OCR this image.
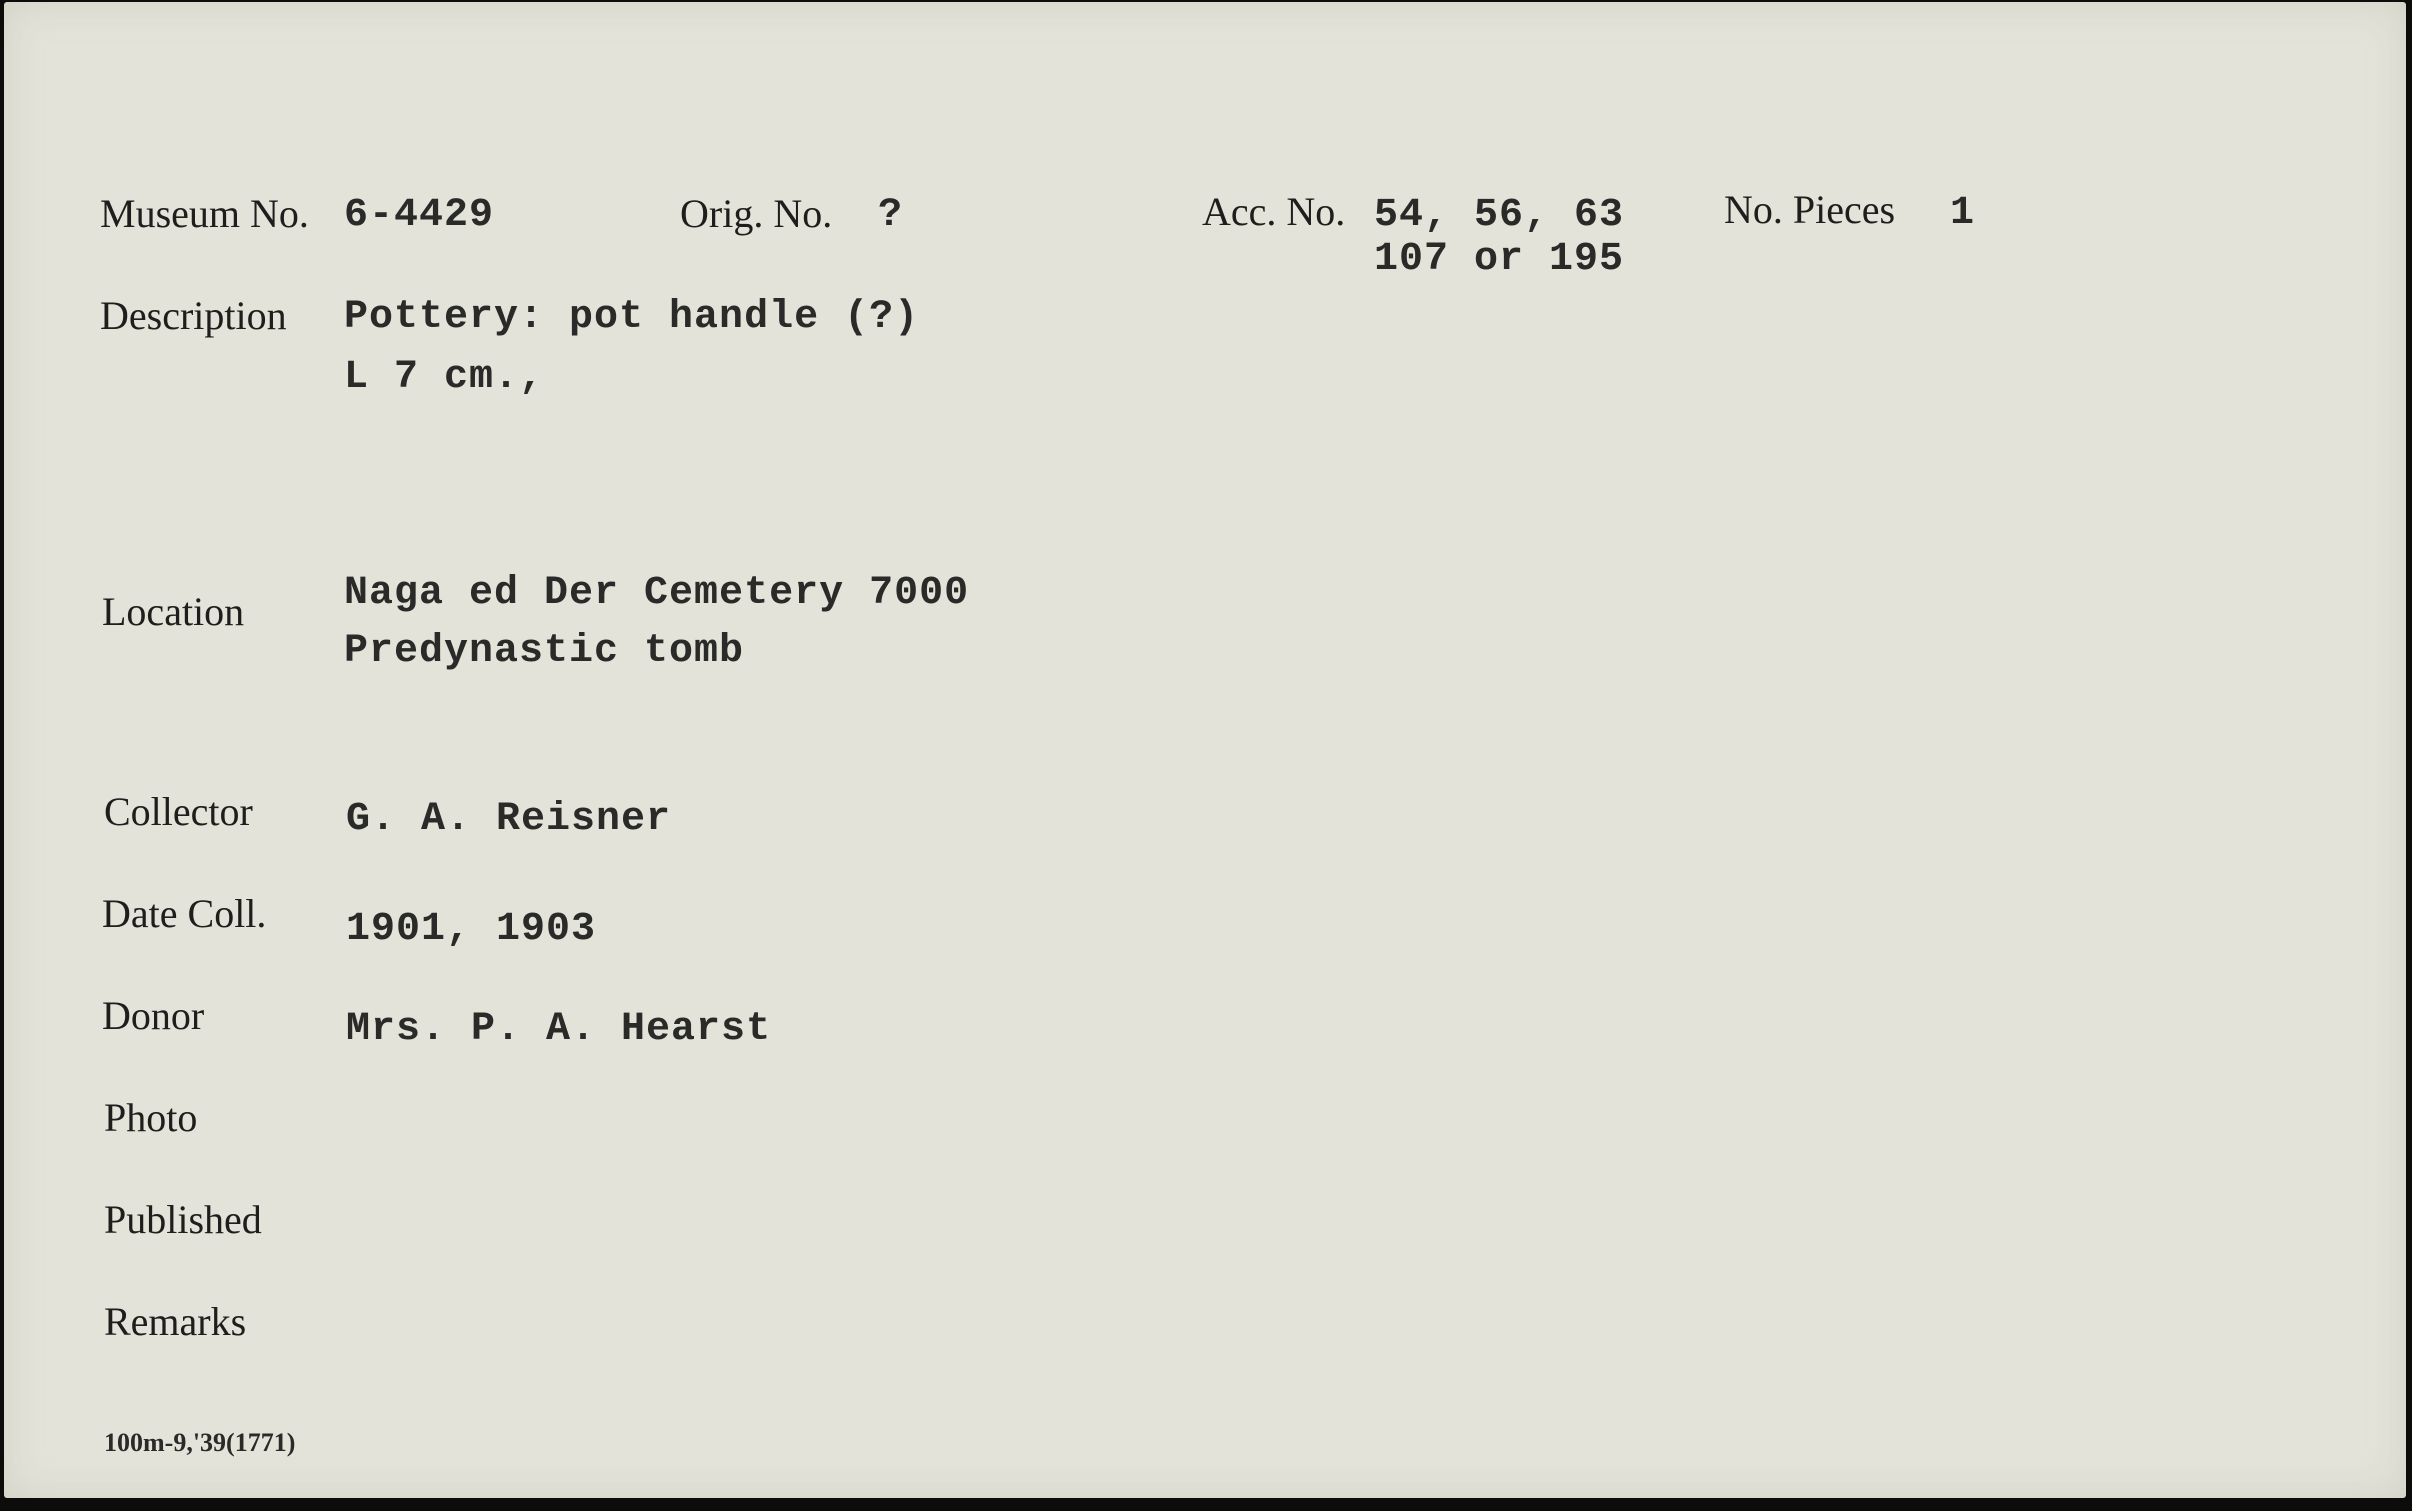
Museum No. 6-4429	Orig. No. ?	Acc. No. 54, 56, 63
107 or 195
No. Pieces 1
Description Pottery: pot handle (?)
L 7 cm.,
Location Naga ed Der Cemetery 7000
Predynastic tomb
Collector G. A. Reisner
Date Coll. 1901, 1903
Donor	Mrs. P. A. Hearst
Photo
Published
Remarks
100m-9,'39(1771)
